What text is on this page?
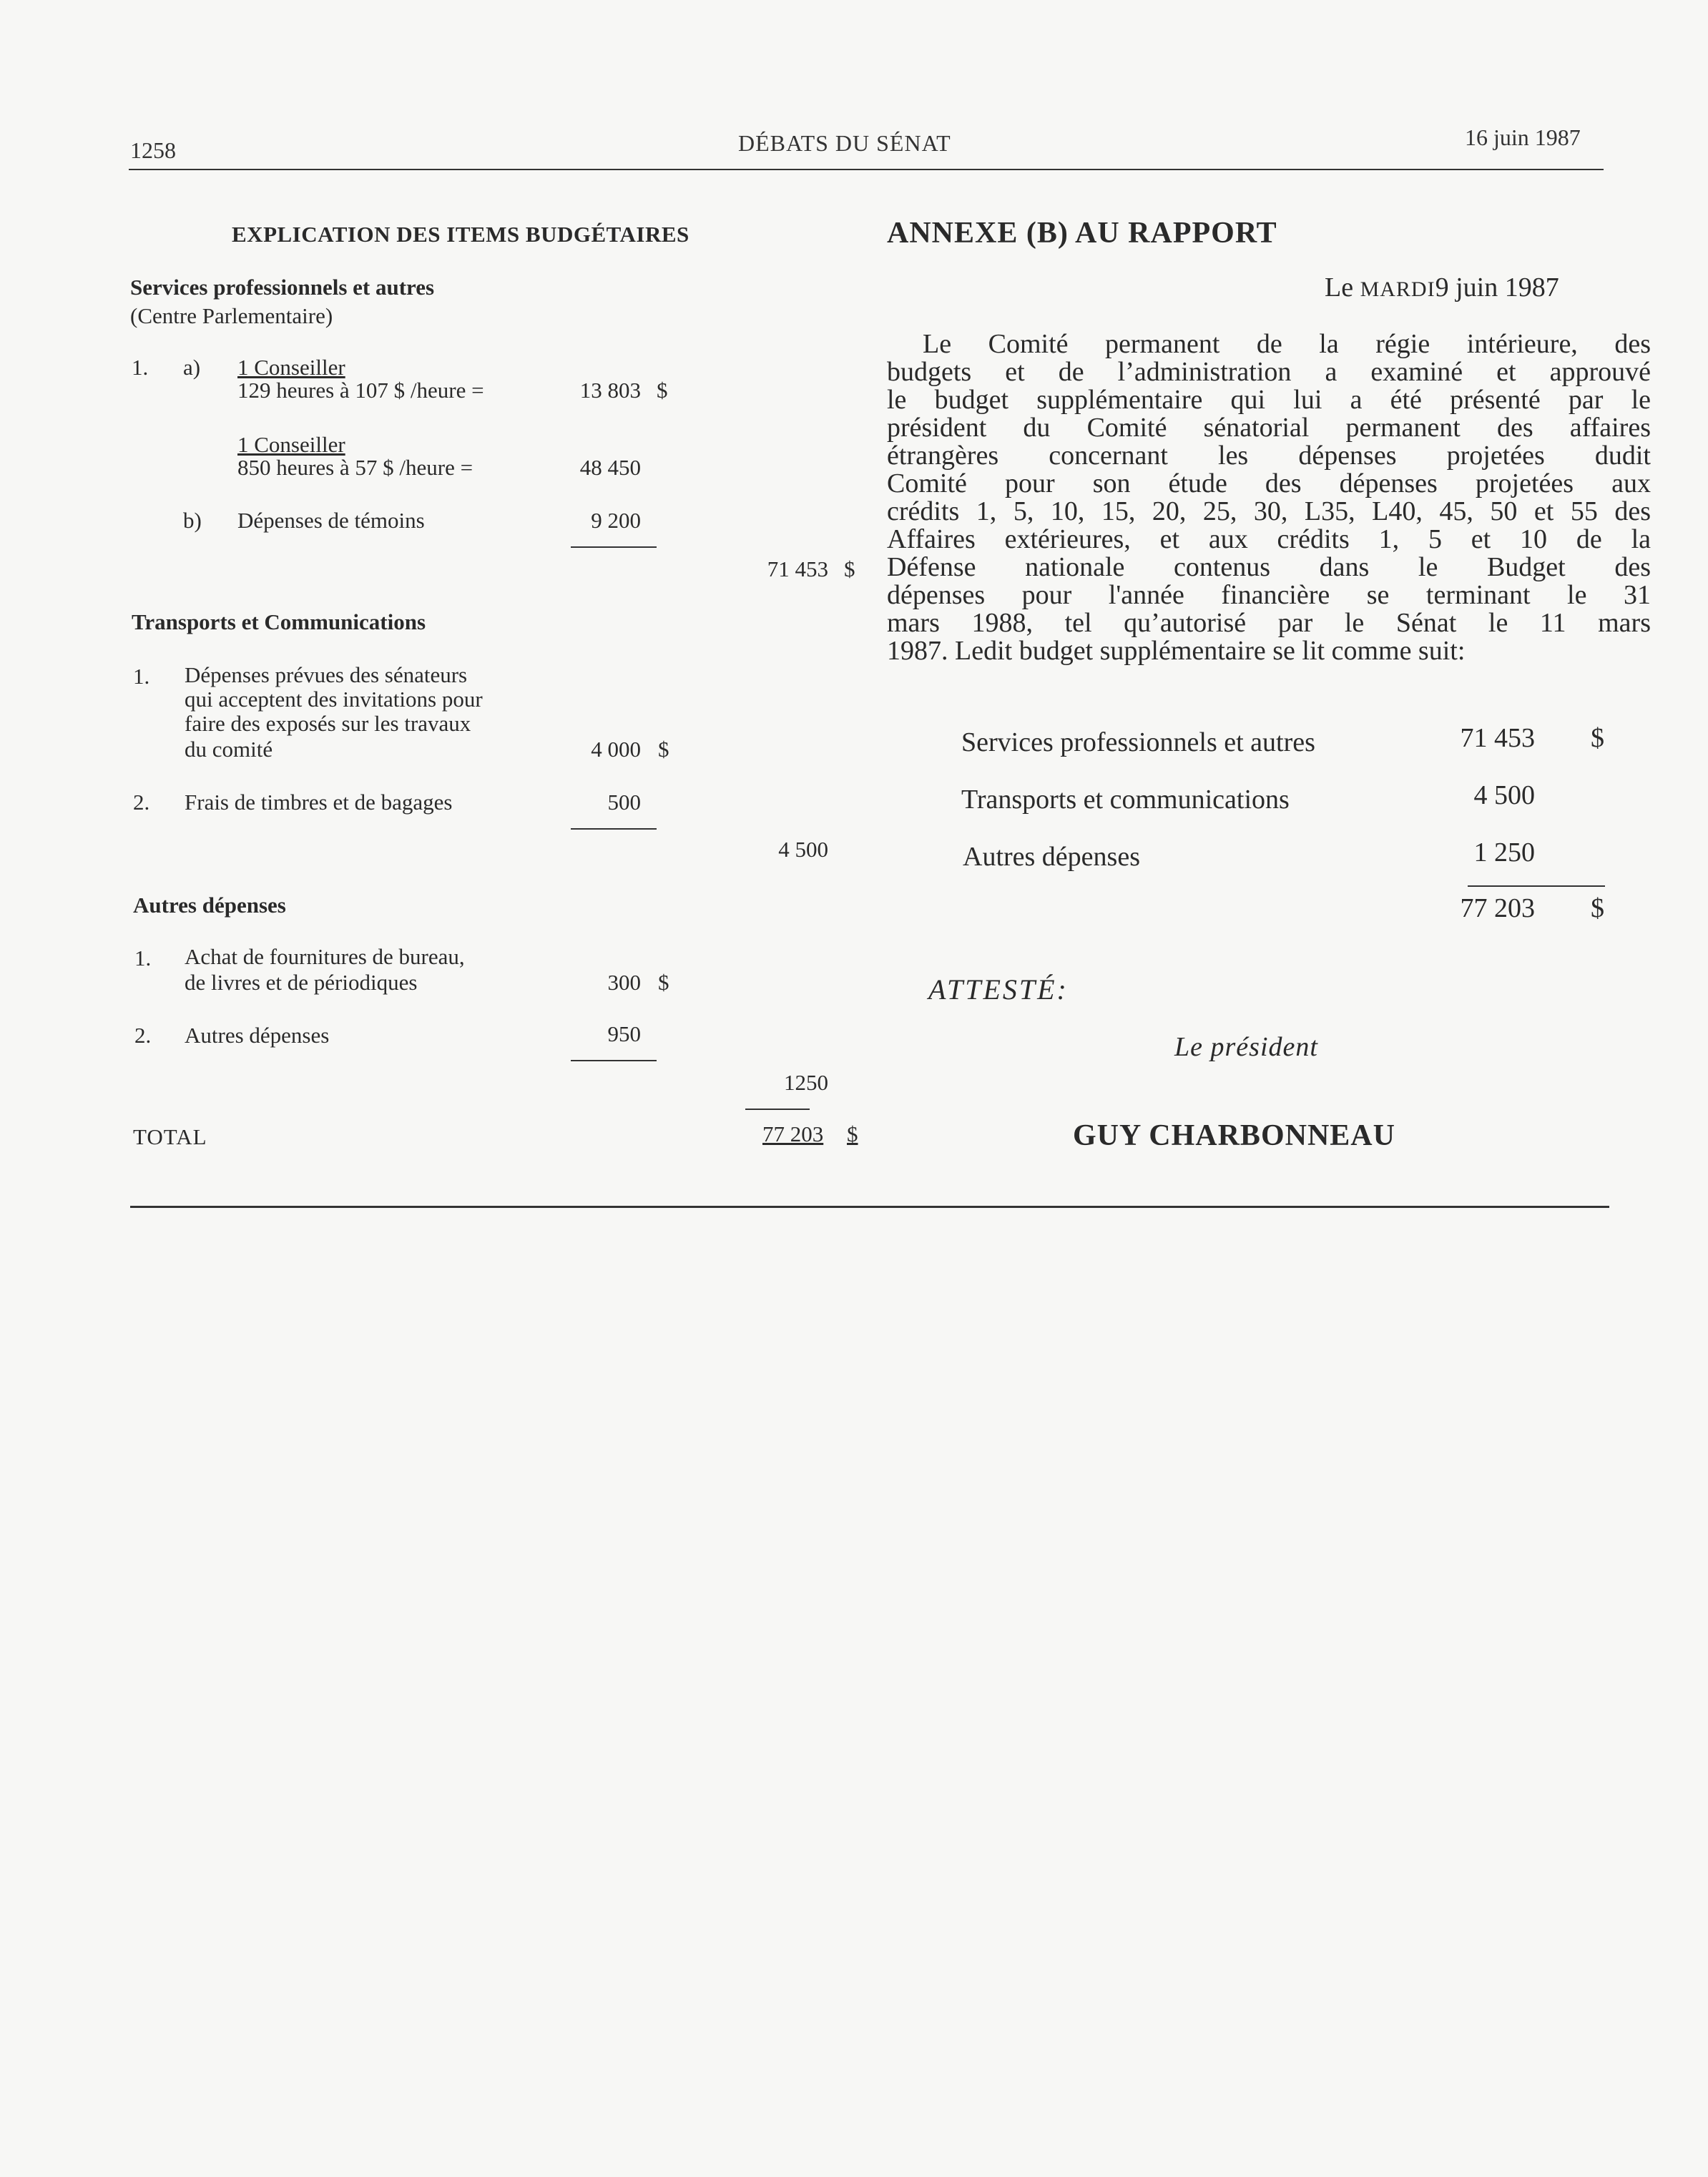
1258	DÉBATS DU SÉNAT	16 juin 1987
EXPLICATION DES ITEMS BUDGÉTAIRES
Services professionnels et autres
(Centre Parlementaire)
1. a) 1 Conseiller
129 heures à 107 $ /heure =	13 803 $
1 Conseiller
850 heures à 57 $ /heure =	48 450
b) Dépenses de témoins	9 200
71 453 $
Transports et Communications
1. Dépenses prévues des sénateurs
qui acceptent des invitations pour
faire des exposés sur les travaux
du comité	4 000 $
2. Frais de timbres et de bagages	500
4 500
Autres dépenses
1. Achat de fournitures de bureau,
de livres et de périodiques	300 $
2. Autres dépenses	950
1250
TOTAL	77 203 $
ANNEXE (B) AU RAPPORT
Le MARDI9 juin 1987

Le Comité permanent de la régie intérieure, des

budgets et de l’administration a examiné et approuvé

le budget supplémentaire qui lui a été présenté par le

président du Comité sénatorial permanent des affaires

étrangères concernant les dépenses projetées dudit

Comité pour son étude des dépenses projetées aux

crédits 1, 5, 10, 15, 20, 25, 30, L35, L40, 45, 50 et 55 des

Affaires extérieures, et aux crédits 1, 5 et 10 de la

Défense nationale contenus dans le Budget des

dépenses pour l'année financière se terminant le 31

mars 1988, tel qu’autorisé par le Sénat le 11 mars

1987. Ledit budget supplémentaire se lit comme suit:

Services professionnels et autres	71 453 $
Transports et communications	4 500
Autres dépenses	1 250
77 203 $
ATTESTÉ:
Le président
GUY CHARBONNEAU
